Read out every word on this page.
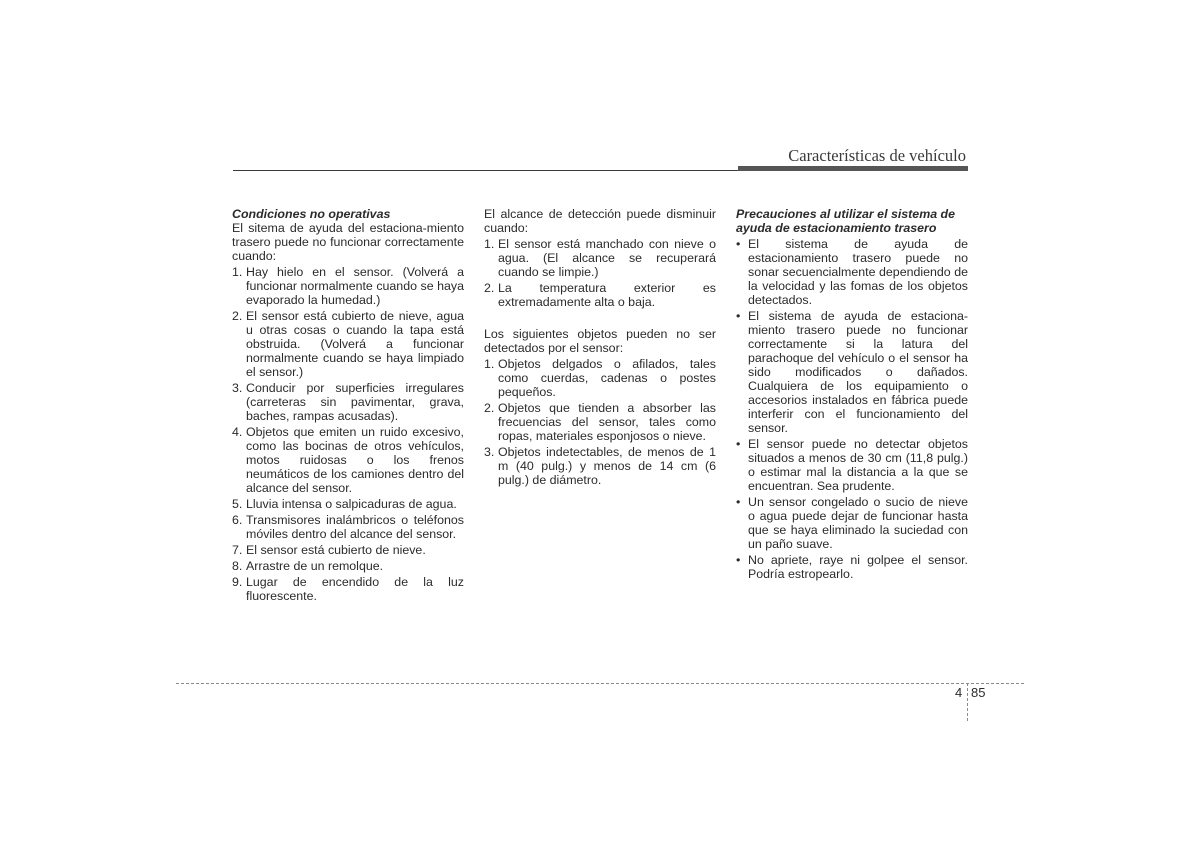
Características de vehículo

Condiciones no operativas

El sitema de ayuda del estaciona-miento trasero puede no funcionar correctamente cuando:

1. Hay hielo en el sensor. (Volverá a funcionar normalmente cuando se haya evaporado la humedad.)
2. El sensor está cubierto de nieve, agua u otras cosas o cuando la tapa está obstruida. (Volverá a funcionar normalmente cuando se haya limpiado el sensor.)
3. Conducir por superficies irregulares (carreteras sin pavimentar, grava, baches, rampas acusadas).
4. Objetos que emiten un ruido excesivo, como las bocinas de otros vehículos, motos ruidosas o los frenos neumáticos de los camiones dentro del alcance del sensor.
5. Lluvia intensa o salpicaduras de agua.
6. Transmisores inalámbricos o teléfonos móviles dentro del alcance del sensor.
7. El sensor está cubierto de nieve.
8. Arrastre de un remolque.
9. Lugar de encendido de la luz fluorescente.

El alcance de detección puede disminuir cuando:

1. El sensor está manchado con nieve o agua. (El alcance se recuperará cuando se limpie.)
2. La temperatura exterior es extremadamente alta o baja.

Los siguientes objetos pueden no ser detectados por el sensor:

1. Objetos delgados o afilados, tales como cuerdas, cadenas o postes pequeños.
2. Objetos que tienden a absorber las frecuencias del sensor, tales como ropas, materiales esponjosos o nieve.
3. Objetos indetectables, de menos de 1 m (40 pulg.) y menos de 14 cm (6 pulg.) de diámetro.

Precauciones al utilizar el sistema de ayuda de estacionamiento trasero

• El sistema de ayuda de estacionamiento trasero puede no sonar secuencialmente dependiendo de la velocidad y las fomas de los objetos detectados.
• El sistema de ayuda de estaciona-miento trasero puede no funcionar correctamente si la latura del parachoque del vehículo o el sensor ha sido modificados o dañados. Cualquiera de los equipamiento o accesorios instalados en fábrica puede interferir con el funcionamiento del sensor.
• El sensor puede no detectar objetos situados a menos de 30 cm (11,8 pulg.) o estimar mal la distancia a la que se encuentran. Sea prudente.
• Un sensor congelado o sucio de nieve o agua puede dejar de funcionar hasta que se haya eliminado la suciedad con un paño suave.
• No apriete, raye ni golpee el sensor. Podría estropearlo.
4 85
